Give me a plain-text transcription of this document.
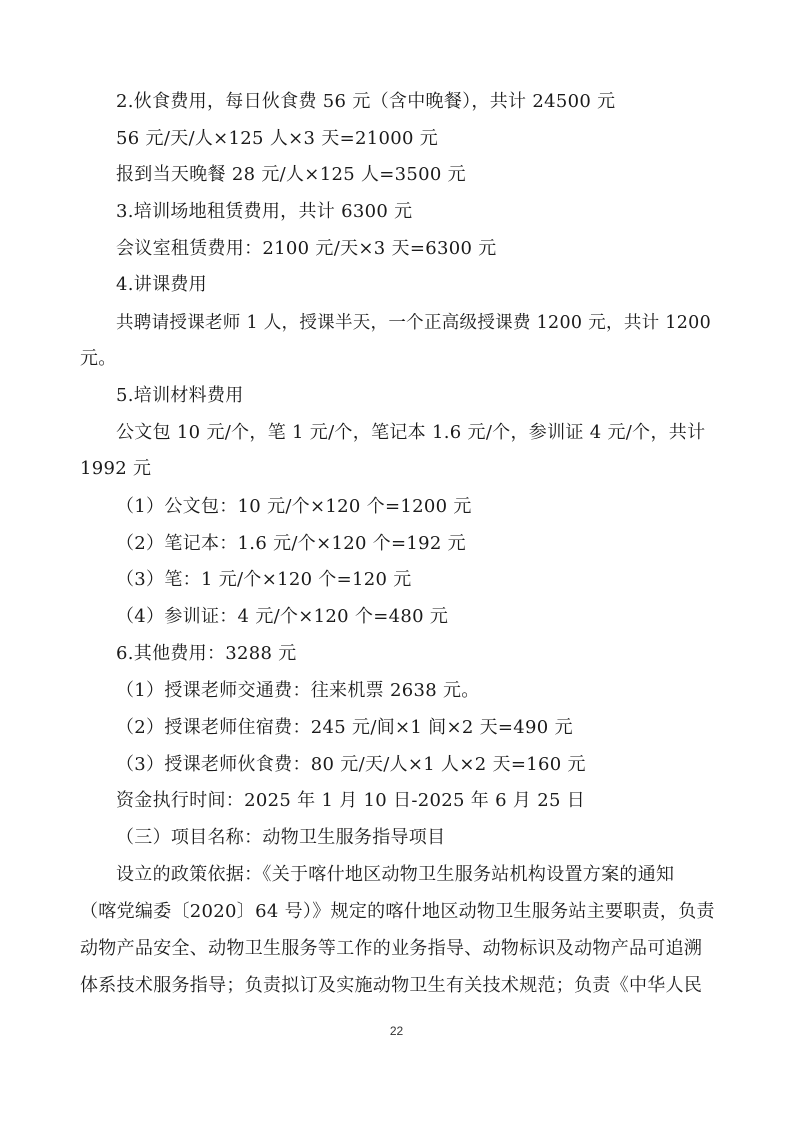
2.伙食费用，每日伙食费 56 元（含中晚餐），共计 24500 元
56 元/天/人×125 人×3 天=21000 元
报到当天晚餐 28 元/人×125 人=3500 元
3.培训场地租赁费用，共计 6300 元
会议室租赁费用：2100 元/天×3 天=6300 元
4.讲课费用
共聘请授课老师 1 人，授课半天，一个正高级授课费 1200 元，共计 1200
元。
5.培训材料费用
公文包 10 元/个，笔 1 元/个，笔记本 1.6 元/个，参训证 4 元/个，共计
1992 元
（1）公文包：10 元/个×120 个=1200 元
（2）笔记本：1.6 元/个×120 个=192 元
（3）笔：1 元/个×120 个=120 元
（4）参训证：4 元/个×120 个=480 元
6.其他费用：3288 元
（1）授课老师交通费：往来机票 2638 元。
（2）授课老师住宿费：245 元/间×1 间×2 天=490 元
（3）授课老师伙食费：80 元/天/人×1 人×2 天=160 元
资金执行时间：2025 年 1 月 10 日-2025 年 6 月 25 日
（三）项目名称：动物卫生服务指导项目
设立的政策依据：《关于喀什地区动物卫生服务站机构设置方案的通知
（喀党编委〔2020〕64 号）》规定的喀什地区动物卫生服务站主要职责，负责
动物产品安全、动物卫生服务等工作的业务指导、动物标识及动物产品可追溯
体系技术服务指导；负责拟订及实施动物卫生有关技术规范；负责《中华人民
22
